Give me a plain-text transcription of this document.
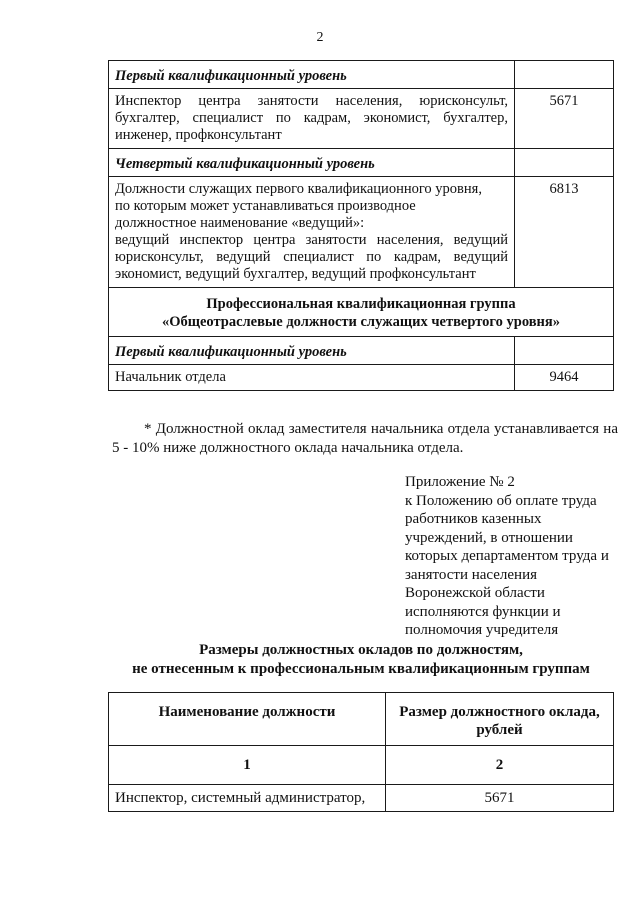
2
Первый квалификационный уровень	
Инспектор центра занятости населения, юрисконсульт, бухгалтер, специалист по кадрам, экономист, бухгалтер, инженер, профконсультант	5671
Четвертый квалификационный уровень	

Должности служащих первого квалификационного уровня,
по которым может устанавливаться производное
должностное наименование «ведущий»:
ведущий инспектор центра занятости населения, ведущий юрисконсульт, ведущий специалист по кадрам, ведущий экономист, ведущий бухгалтер, ведущий профконсультант	6813

Профессиональная квалификационная группа
«Общеотраслевые должности служащих четвертого уровня»	

Первый квалификационный уровень	
Начальник отдела	9464
* Должностной оклад заместителя начальника отдела устанавливается на 5 - 10% ниже должностного оклада начальника отдела.
Приложение № 2
к Положению об оплате труда
работников казенных
учреждений, в отношении
которых департаментом труда и
занятости населения
Воронежской области
исполняются функции и
полномочия учредителя
Размеры должностных окладов по должностям,
не отнесенным к профессиональным квалификационным группам
Наименование должности	Размер должностного оклада, рублей
1	2
Инспектор, системный администратор,	5671
